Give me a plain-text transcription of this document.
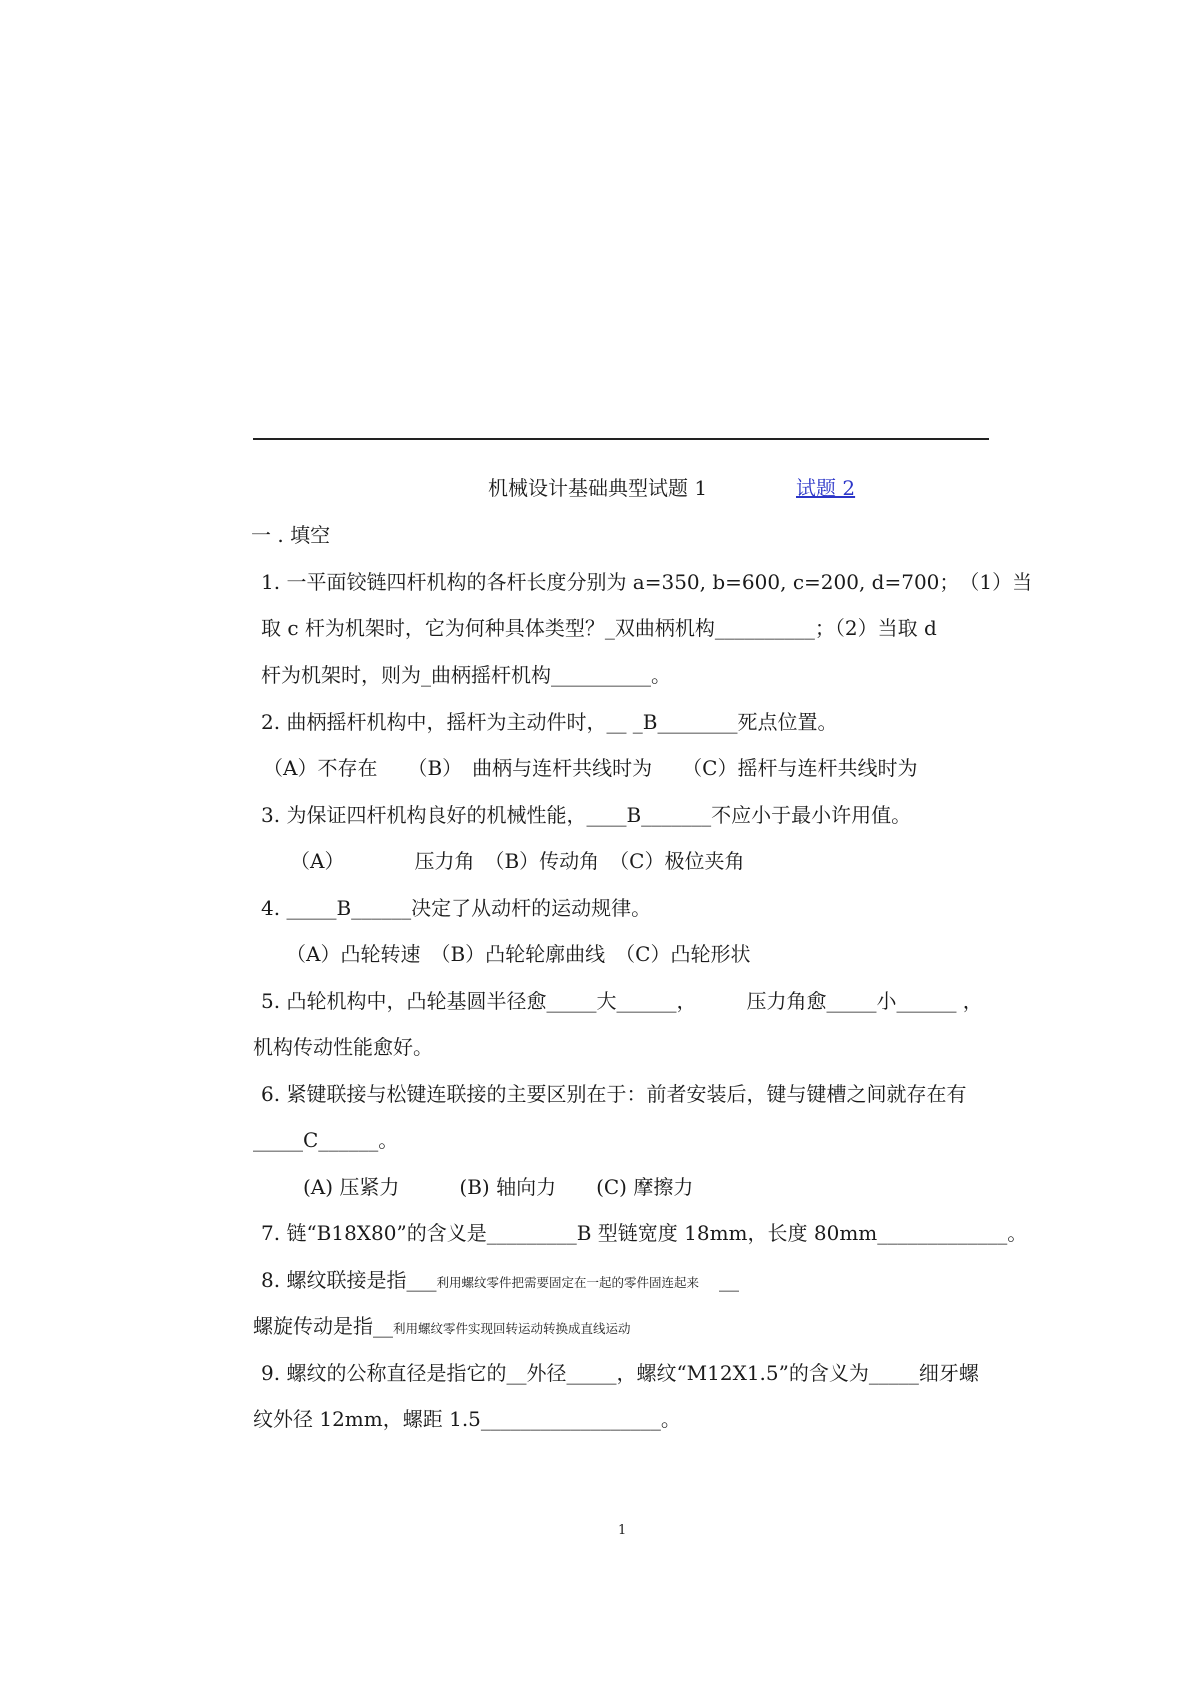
机械设计基础典型试题 1	试题 2
一 . 填空
1. 一平面铰链四杆机构的各杆长度分别为 a=350, b=600, c=200, d=700；　（1）当
取 c 杆为机架时，它为何种具体类型？_双曲柄机构__________；（2）当取 d
杆为机架时，则为_曲柄摇杆机构__________。
2. 曲柄摇杆机构中，摇杆为主动件时，__ _B________死点位置。
（A）不存在　　（B）　曲柄与连杆共线时为　　（C）摇杆与连杆共线时为
3. 为保证四杆机构良好的机械性能，____B_______不应小于最小许用值。
（A）　　　　压力角　（B）传动角　（C）极位夹角
4. _____B______决定了从动杆的运动规律。
（A）凸轮转速　（B）凸轮轮廓曲线　（C）凸轮形状
5. 凸轮机构中，凸轮基圆半径愈_____大______，　　　压力角愈_____小______ ，
机构传动性能愈好。
6. 紧键联接与松键连联接的主要区别在于：前者安装后，键与键槽之间就存在有
_____C______。
(A) 压紧力　　　(B) 轴向力　　(C) 摩擦力
7. 链“B18X80”的含义是_________B 型链宽度 18mm，长度 80mm_____________。
8. 螺纹联接是指___利用螺纹零件把需要固定在一起的零件固连起来　__
螺旋传动是指__利用螺纹零件实现回转运动转换成直线运动
9. 螺纹的公称直径是指它的__外径_____，螺纹“M12X1.5”的含义为_____细牙螺
纹外径 12mm，螺距 1.5__________________。
1
